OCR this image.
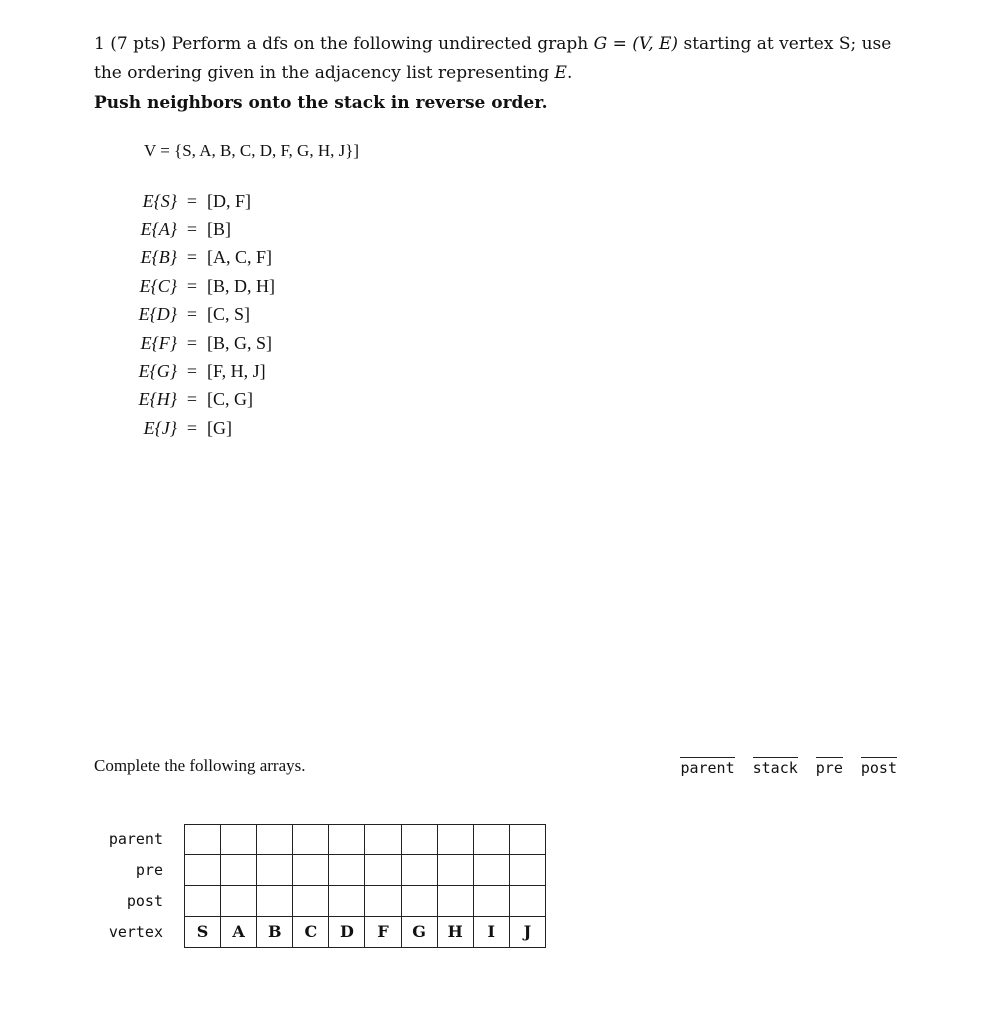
1 (7 pts) Perform a dfs on the following undirected graph G = (V, E) starting at vertex S; use the ordering given in the adjacency list representing E.
Push neighbors onto the stack in reverse order.
V = {S, A, B, C, D, F, G, H, J}]
E{S} = [D, F]
E{A} = [B]
E{B} = [A, C, F]
E{C} = [B, D, H]
E{D} = [C, S]
E{F} = [B, G, S]
E{G} = [F, H, J]
E{H} = [C, G]
E{J} = [G]
Complete the following arrays.	parent stack pre post
parent
pre
post
vertex	S	A	B	C	D	F	G	H	I	J
